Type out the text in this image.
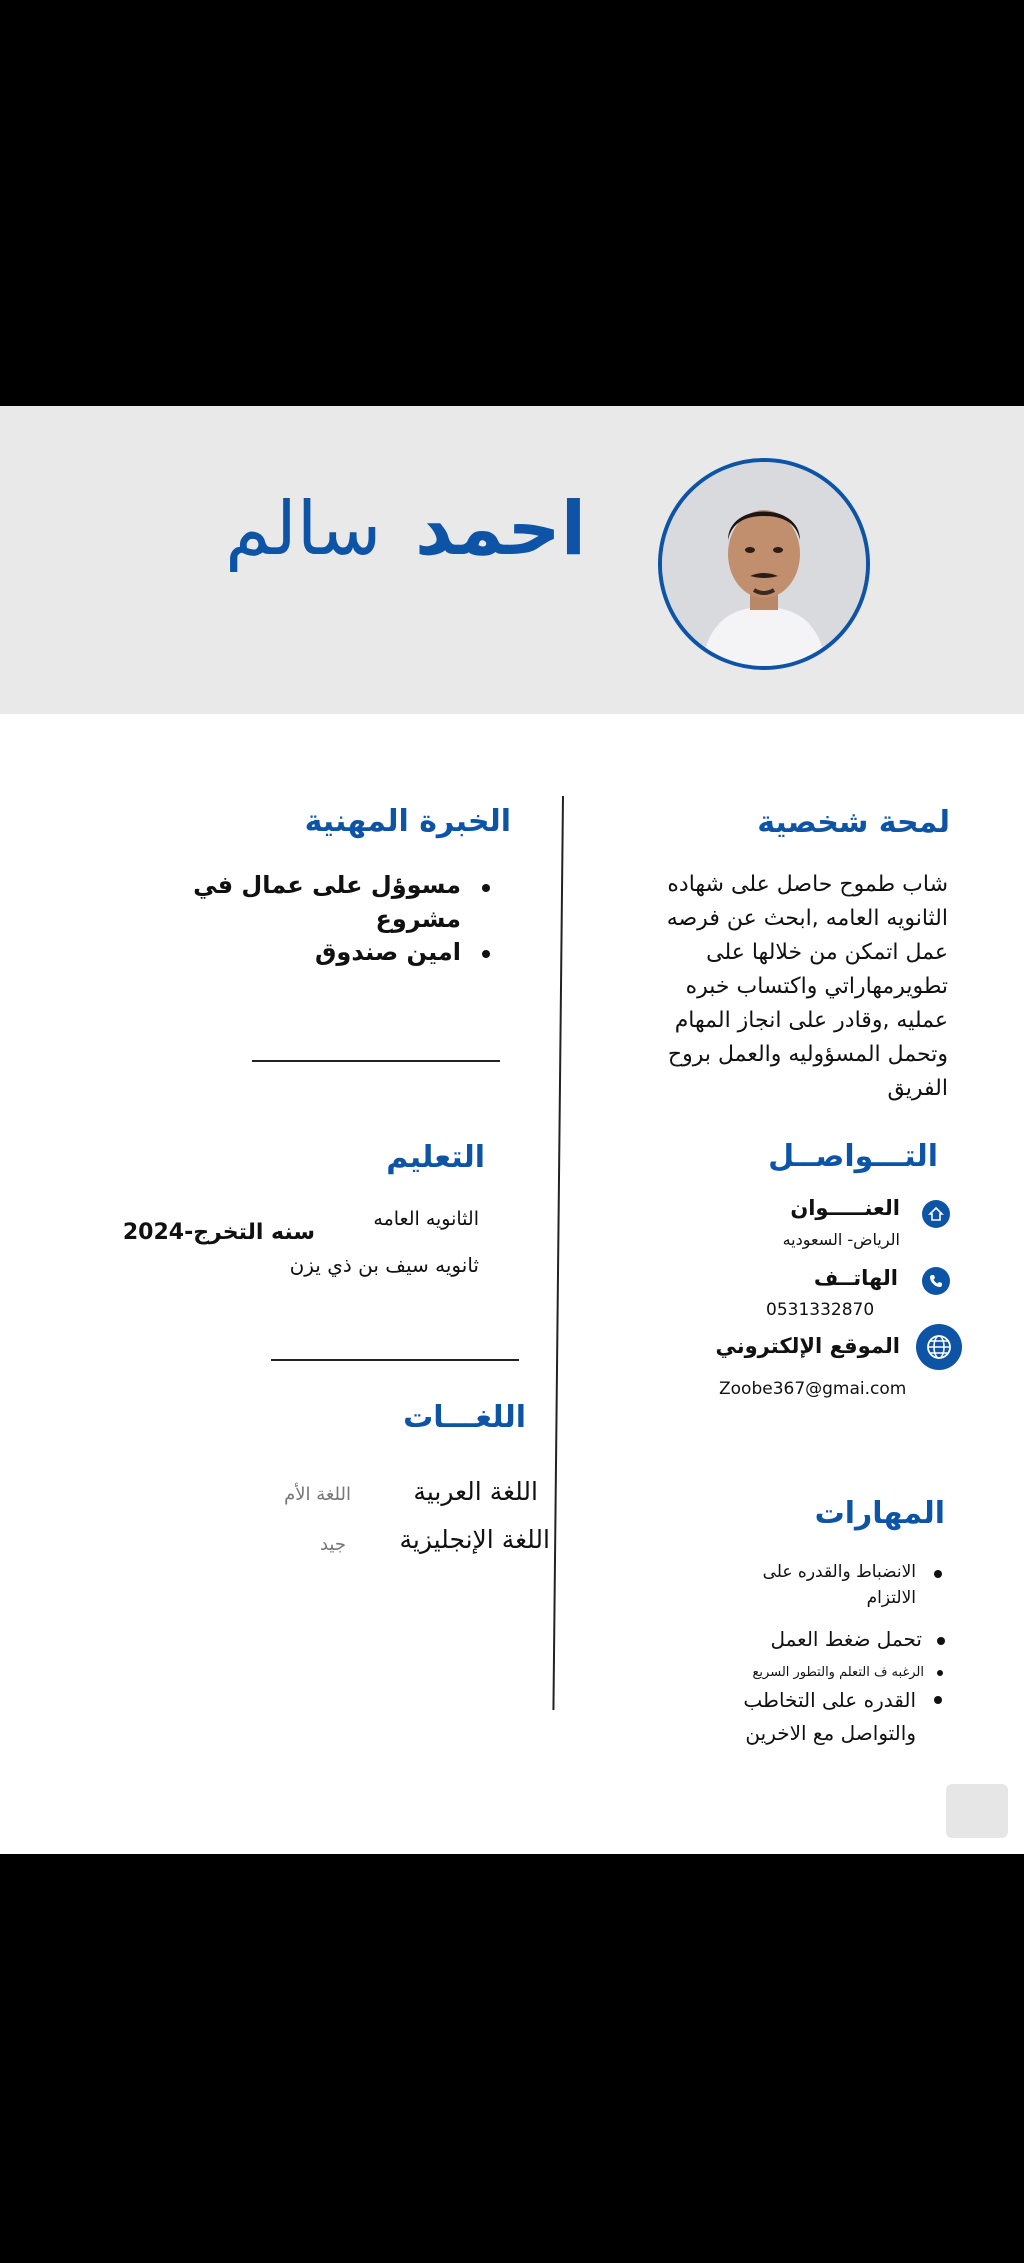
احمد
سالم
لمحة شخصية
شاب طموح حاصل على شهاده
الثانويه العامه ,ابحث عن فرصه
عمل اتمكن من خلالها على
تطويرمهاراتي واكتساب خبره
عمليه ,وقادر على انجاز المهام
وتحمل المسؤوليه والعمل بروح
الفريق
التـــواصــل
العنـــــوان
الرياض- السعوديه
الهاتــف
0531332870
الموقع الإلكتروني
Zoobe367@gmai.com
المهارات
الانضباط والقدره على
الالتزام
تحمل ضغط العمل
الرغبه ف التعلم والتطور السريع
القدره على التخاطب
والتواصل مع الاخرين
الخبرة المهنية
مسوؤل على عمال في
مشروع
امين صندوق
التعليم
الثانويه العامه
سنه التخرج-2024
ثانويه سيف بن ذي يزن
اللغـــات
اللغة العربية
اللغة الأم
اللغة الإنجليزية
جيد
